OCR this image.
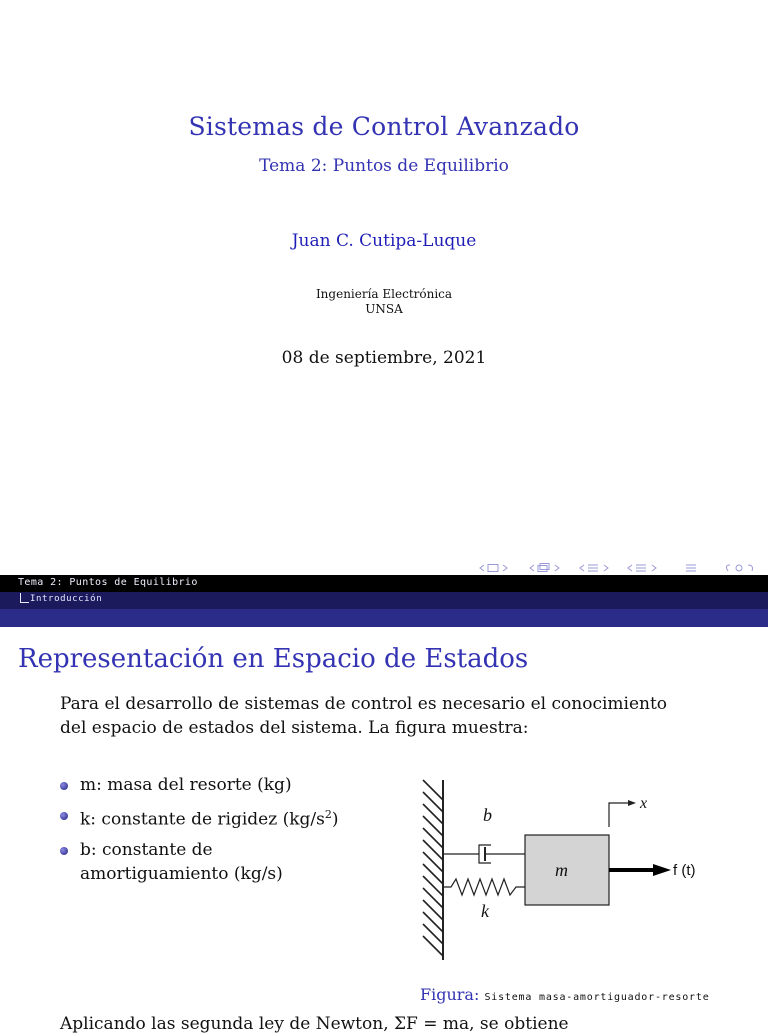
Sistemas de Control Avanzado
Tema 2: Puntos de Equilibrio
Juan C. Cutipa-Luque
Ingeniería Electrónica
UNSA
08 de septiembre, 2021
Tema 2: Puntos de Equilibrio
Introducción
Representación en Espacio de Estados
Para el desarrollo de sistemas de control es necesario el conocimiento
del espacio de estados del sistema. La figura muestra:
m: masa del resorte (kg)
k: constante de rigidez $(kg/s^2)$
b: constante de
amortiguamiento (kg/s)
b
k
m
x
f (t)
Figura: Sistema masa-amortiguador-resorte
Aplicando las segunda ley de Newton, ΣF = ma, se obtiene
